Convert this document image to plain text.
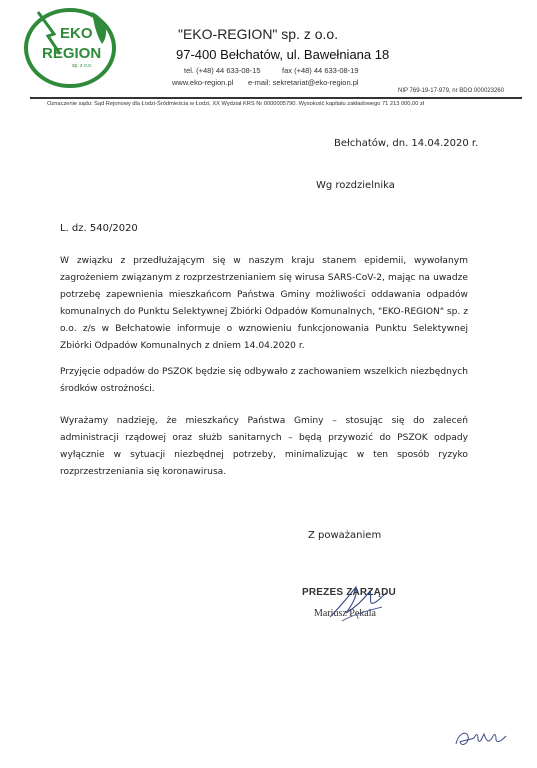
EKO
REGION
sp. z o.o.
"EKO-REGION" sp. z o.o.
97-400 Bełchatów, ul. Bawełniana 18
tel. (+48) 44 633-08-15	fax (+48) 44 633-08-19
www.eko-region.pl e-mail: sekretariat@eko-region.pl
NIP 769-19-17-979, nr BDO 000023260
Oznaczenie sądu: Sąd Rejonowy dla Łodzi-Śródmieścia w Łodzi, XX Wydział KRS Nr 0000005790. Wysokość kapitału zakładowego 71 213 000,00 zł
Bełchatów, dn. 14.04.2020 r.
Wg rozdzielnika
L. dz. 540/2020

W związku z przedłużającym się w naszym kraju stanem epidemii, wywołanym zagrożeniem związanym z rozprzestrzenianiem się wirusa SARS-CoV-2, mając na uwadze potrzebę zapewnienia mieszkańcom Państwa Gminy możliwości oddawania odpadów komunalnych do Punktu Selektywnej Zbiórki Odpadów Komunalnych, "EKO-REGION" sp. z o.o. z/s w Bełchatowie informuje o wznowieniu funkcjonowania Punktu Selektywnej Zbiórki Odpadów Komunalnych z dniem 14.04.2020 r.

Przyjęcie odpadów do PSZOK będzie się odbywało z zachowaniem wszelkich niezbędnych środków ostrożności.

Wyrażamy nadzieję, że mieszkańcy Państwa Gminy – stosując się do zaleceń administracji rządowej oraz służb sanitarnych – będą przywozić do PSZOK odpady wyłącznie w sytuacji niezbędnej potrzeby, minimalizując w ten sposób ryzyko rozprzestrzeniania się koronawirusa.

Z poważaniem
PREZES ZARZĄDU
Mariusz Pękala
